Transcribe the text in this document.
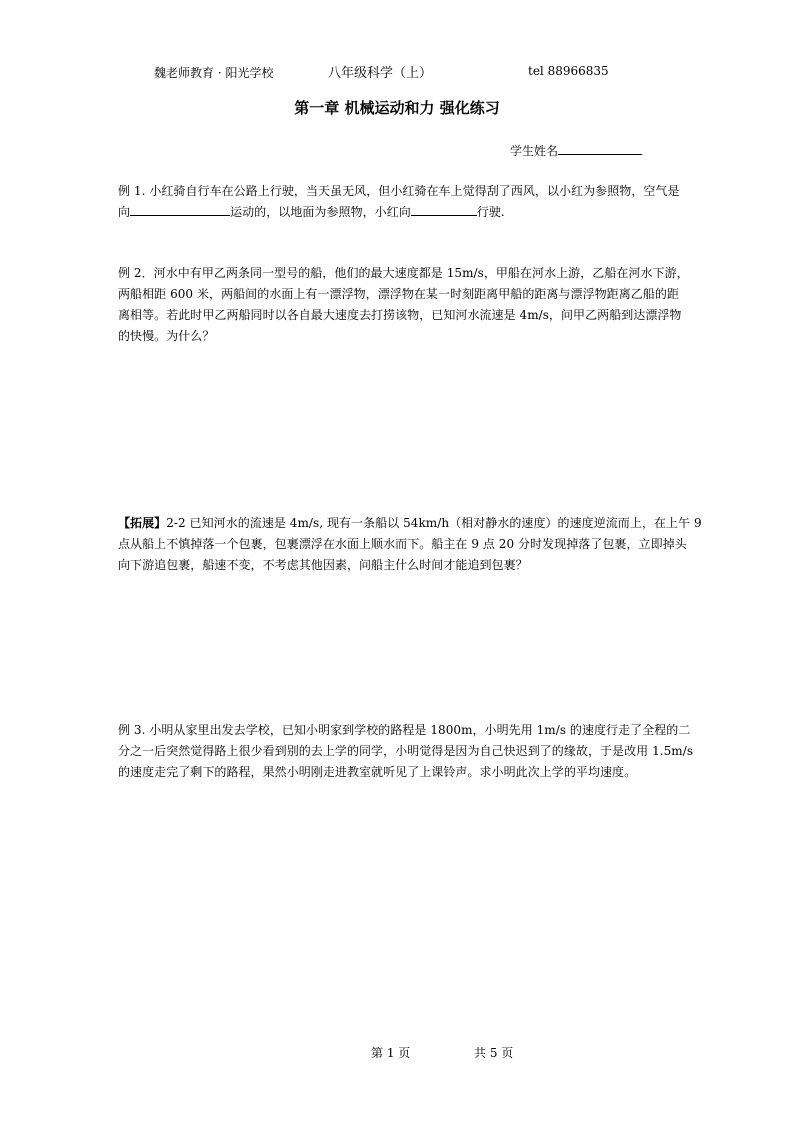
魏老师教育 · 阳光学校	八年级科学（上）	tel 88966835
第一章 机械运动和力 强化练习
学生姓名
例 1. 小红骑自行车在公路上行驶，当天虽无风，但小红骑在车上觉得刮了西风，以小红为参照物，空气是
向	运动的，以地面为参照物，小红向	行驶.
例 2．河水中有甲乙两条同一型号的船，他们的最大速度都是 15m/s，甲船在河水上游，乙船在河水下游，
两船相距 600 米，两船间的水面上有一漂浮物，漂浮物在某一时刻距离甲船的距离与漂浮物距离乙船的距
离相等。若此时甲乙两船同时以各自最大速度去打捞该物，已知河水流速是 4m/s，问甲乙两船到达漂浮物
的快慢。为什么？
【拓展】2-2 已知河水的流速是 4m/s, 现有一条船以 54km/h（相对静水的速度）的速度逆流而上，在上午 9
点从船上不慎掉落一个包裹，包裹漂浮在水面上顺水而下。船主在 9 点 20 分时发现掉落了包裹，立即掉头
向下游追包裹，船速不变，不考虑其他因素，问船主什么时间才能追到包裹？
例 3. 小明从家里出发去学校，已知小明家到学校的路程是 1800m，小明先用 1m/s 的速度行走了全程的二
分之一后突然觉得路上很少看到别的去上学的同学，小明觉得是因为自己快迟到了的缘故，于是改用 1.5m/s
的速度走完了剩下的路程，果然小明刚走进教室就听见了上课铃声。求小明此次上学的平均速度。
第 1 页	共 5 页
